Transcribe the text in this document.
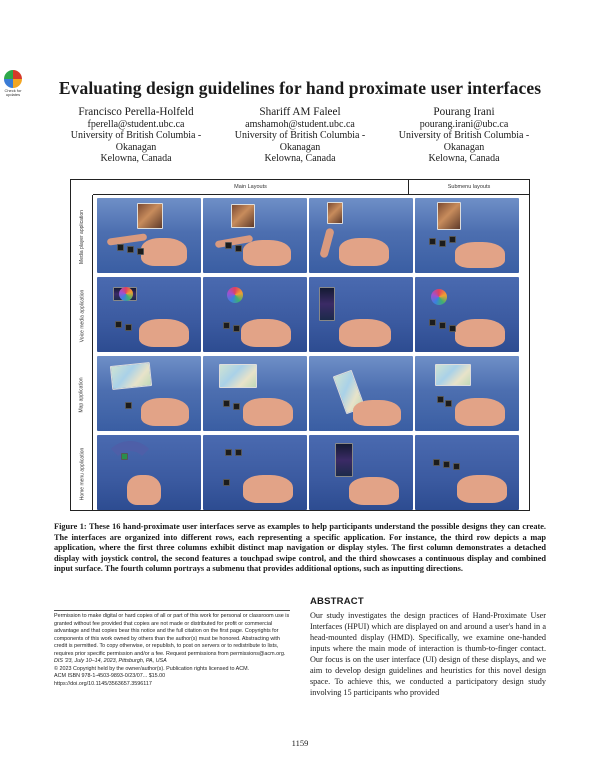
Check for updates	Evaluating design guidelines for hand proximate user interfaces
Francisco Perella-Holfeld
fperella@student.ubc.ca
University of British Columbia -
Okanagan
Kelowna, Canada
Shariff AM Faleel
amshamoh@student.ubc.ca
University of British Columbia -
Okanagan
Kelowna, Canada
Pourang Irani
pourang.irani@ubc.ca
University of British Columbia -
Okanagan
Kelowna, Canada
Main Layouts	Submenu layouts
Media player application
Voice media application
Map application
Home menu application

Figure 1: These 16 hand-proximate user interfaces serve as examples to help participants understand the possible designs they can create. The interfaces are organized into different rows, each representing a specific application. For instance, the third row depicts a map application, where the first three columns exhibit distinct map navigation or display styles. The first column demonstrates a detached display with joystick control, the second features a touchpad swipe control, and the third showcases a continuous display and combined input surface. The fourth column portrays a submenu that provides additional options, such as inputting directions.

Permission to make digital or hard copies of all or part of this work for personal or classroom use is granted without fee provided that copies are not made or distributed for profit or commercial advantage and that copies bear this notice and the full citation on the first page. Copyrights for components of this work owned by others than the author(s) must be honored. Abstracting with credit is permitted. To copy otherwise, or republish, to post on servers or to redistribute to lists, requires prior specific permission and/or a fee. Request permissions from permissions@acm.org.

DIS '23, July 10–14, 2023, Pittsburgh, PA, USA

© 2023 Copyright held by the owner/author(s). Publication rights licensed to ACM.

ACM ISBN 978-1-4503-9893-0/23/07... $15.00

https://doi.org/10.1145/3563657.3596117

ABSTRACT

Our study investigates the design practices of Hand-Proximate User Interfaces (HPUI) which are displayed on and around a user's hand in a head-mounted display (HMD). Specifically, we examine one-handed inputs where the main mode of interaction is thumb-to-finger contact. Our focus is on the user interface (UI) design of these displays, and we aim to develop design guidelines and heuristics for this novel design space. To achieve this, we conducted a participatory design study involving 15 participants who provided

1159
